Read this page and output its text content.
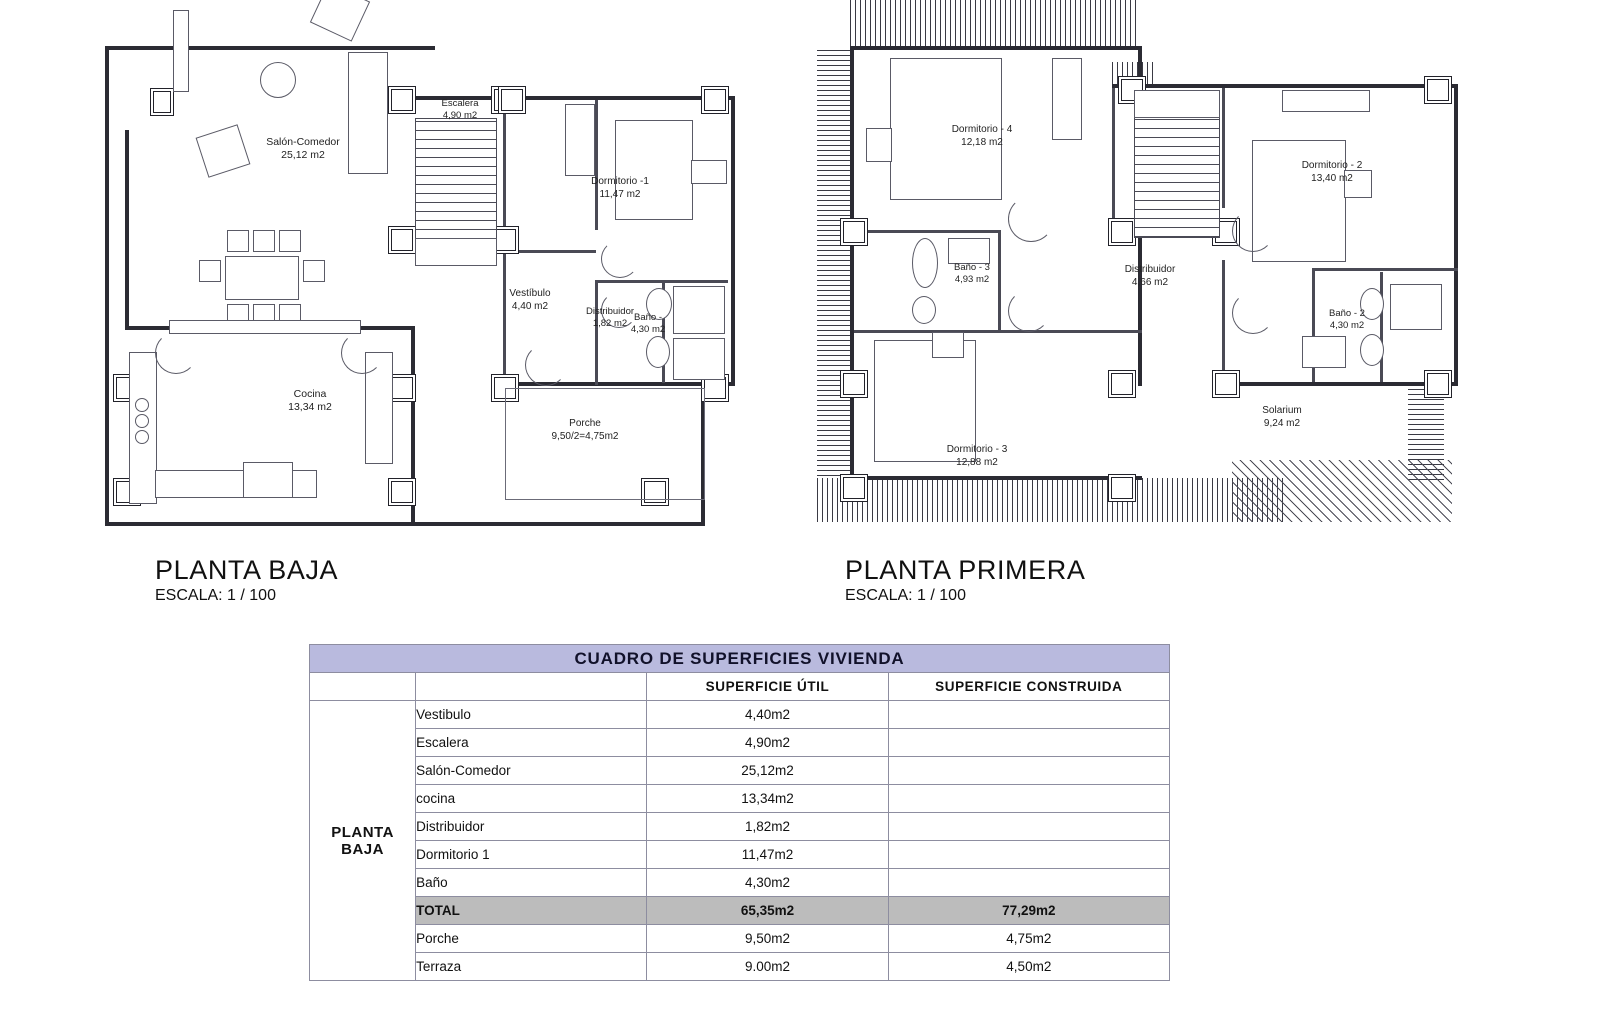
Salón-Comedor
25,12 m2
Escalera
4,90 m2
Dormitorio -1
11,47 m2
Vestíbulo
4,40 m2	Distribuidor
1,82 m2
Baño -
4,30 m2
Cocina
13,34 m2
Porche
9,50/2=4,75m2
PLANTA BAJA
ESCALA: 1 / 100
Dormitorio - 4
12,18 m2
Dormitorio - 2
13,40 m2
Baño - 3
4,93 m2
Distribuidor
4,66 m2
Baño - 2
4,30 m2
Dormitorio - 3
12,88 m2
Solarium
9,24 m2
PLANTA PRIMERA
ESCALA: 1 / 100
CUADRO DE SUPERFICIES VIVIENDA			
		SUPERFICIE ÚTIL	SUPERFICIE CONSTRUIDA
PLANTA BAJA	Vestibulo	4,40m2	
	Escalera	4,90m2	
	Salón-Comedor	25,12m2	
	cocina	13,34m2	
	Distribuidor	1,82m2	
	Dormitorio 1	11,47m2	
	Baño	4,30m2	
	TOTAL	65,35m2	77,29m2
	Porche	9,50m2	4,75m2
	Terraza	9.00m2	4,50m2
